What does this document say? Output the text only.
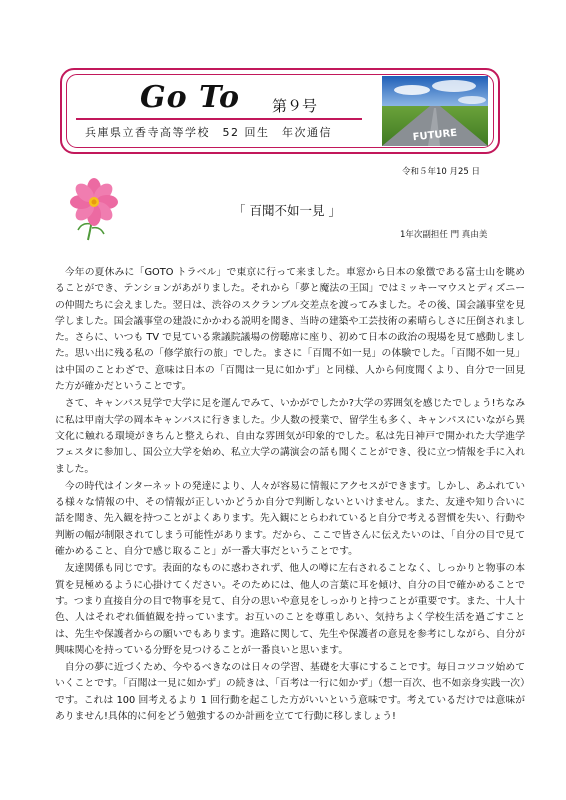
Go To 第９号
兵庫県立香寺高等学校　52 回生　年次通信	FUTURE
令和５年10 月25 日
「 百聞不如一見 」
1年次副担任 門 真由美

今年の夏休みに「GOTO トラベル」で東京に行って来ました。車窓から日本の象徴である富士山を眺めることができ、テンションがあがりました。それから「夢と魔法の王国」ではミッキーマウスとディズニーの仲間たちに会えました。翌日は、渋谷のスクランブル交差点を渡ってみました。その後、国会議事堂を見学しました。国会議事堂の建設にかかわる説明を聞き、当時の建築や工芸技術の素晴らしさに圧倒されました。さらに、いつも TV で見ている衆議院議場の傍聴席に座り、初めて日本の政治の現場を見て感動しました。思い出に残る私の「修学旅行の旅」でした。まさに「百聞不如一見」の体験でした。「百聞不如一見」は中国のことわざで、意味は日本の「百聞は一見に如かず」と同様、人から何度聞くより、自分で一回見た方が確かだということです。

さて、キャンパス見学で大学に足を運んでみて、いかがでしたか?大学の雰囲気を感じたでしょう!ちなみに私は甲南大学の岡本キャンパスに行きました。少人数の授業で、留学生も多く、キャンパスにいながら異文化に触れる環境がきちんと整えられ、自由な雰囲気が印象的でした。私は先日神戸で開かれた大学進学フェスタに参加し、国公立大学を始め、私立大学の講演会の話も聞くことができ、役に立つ情報を手に入れました。

今の時代はインターネットの発達により、人々が容易に情報にアクセスができます。しかし、あふれている様々な情報の中、その情報が正しいかどうか自分で判断しないといけません。また、友達や知り合いに話を聞き、先入観を持つことがよくあります。先入観にとらわれていると自分で考える習慣を失い、行動や判断の幅が制限されてしまう可能性があります。だから、ここで皆さんに伝えたいのは、「自分の目で見て確かめること、自分で感じ取ること」が一番大事だということです。

友達関係も同じです。表面的なものに惑わされず、他人の噂に左右されることなく、しっかりと物事の本質を見極めるように心掛けてください。そのためには、他人の言葉に耳を傾け、自分の目で確かめることです。つまり直接自分の目で物事を見て、自分の思いや意見をしっかりと持つことが重要です。また、十人十色、人はそれぞれ価値観を持っています。お互いのことを尊重しあい、気持ちよく学校生活を過ごすことは、先生や保護者からの願いでもあります。進路に関して、先生や保護者の意見を参考にしながら、自分が興味関心を持っている分野を見つけることが一番良いと思います。

自分の夢に近づくため、今やるべきなのは日々の学習、基礎を大事にすることです。毎日コツコツ始めていくことです。「百聞は一見に如かず」の続きは、「百考は一行に如かず」（想一百次、也不如亲身实践一次）です。これは 100 回考えるより 1 回行動を起こした方がいいという意味です。考えているだけでは意味がありません!具体的に何をどう勉強するのか計画を立てて行動に移しましょう!
